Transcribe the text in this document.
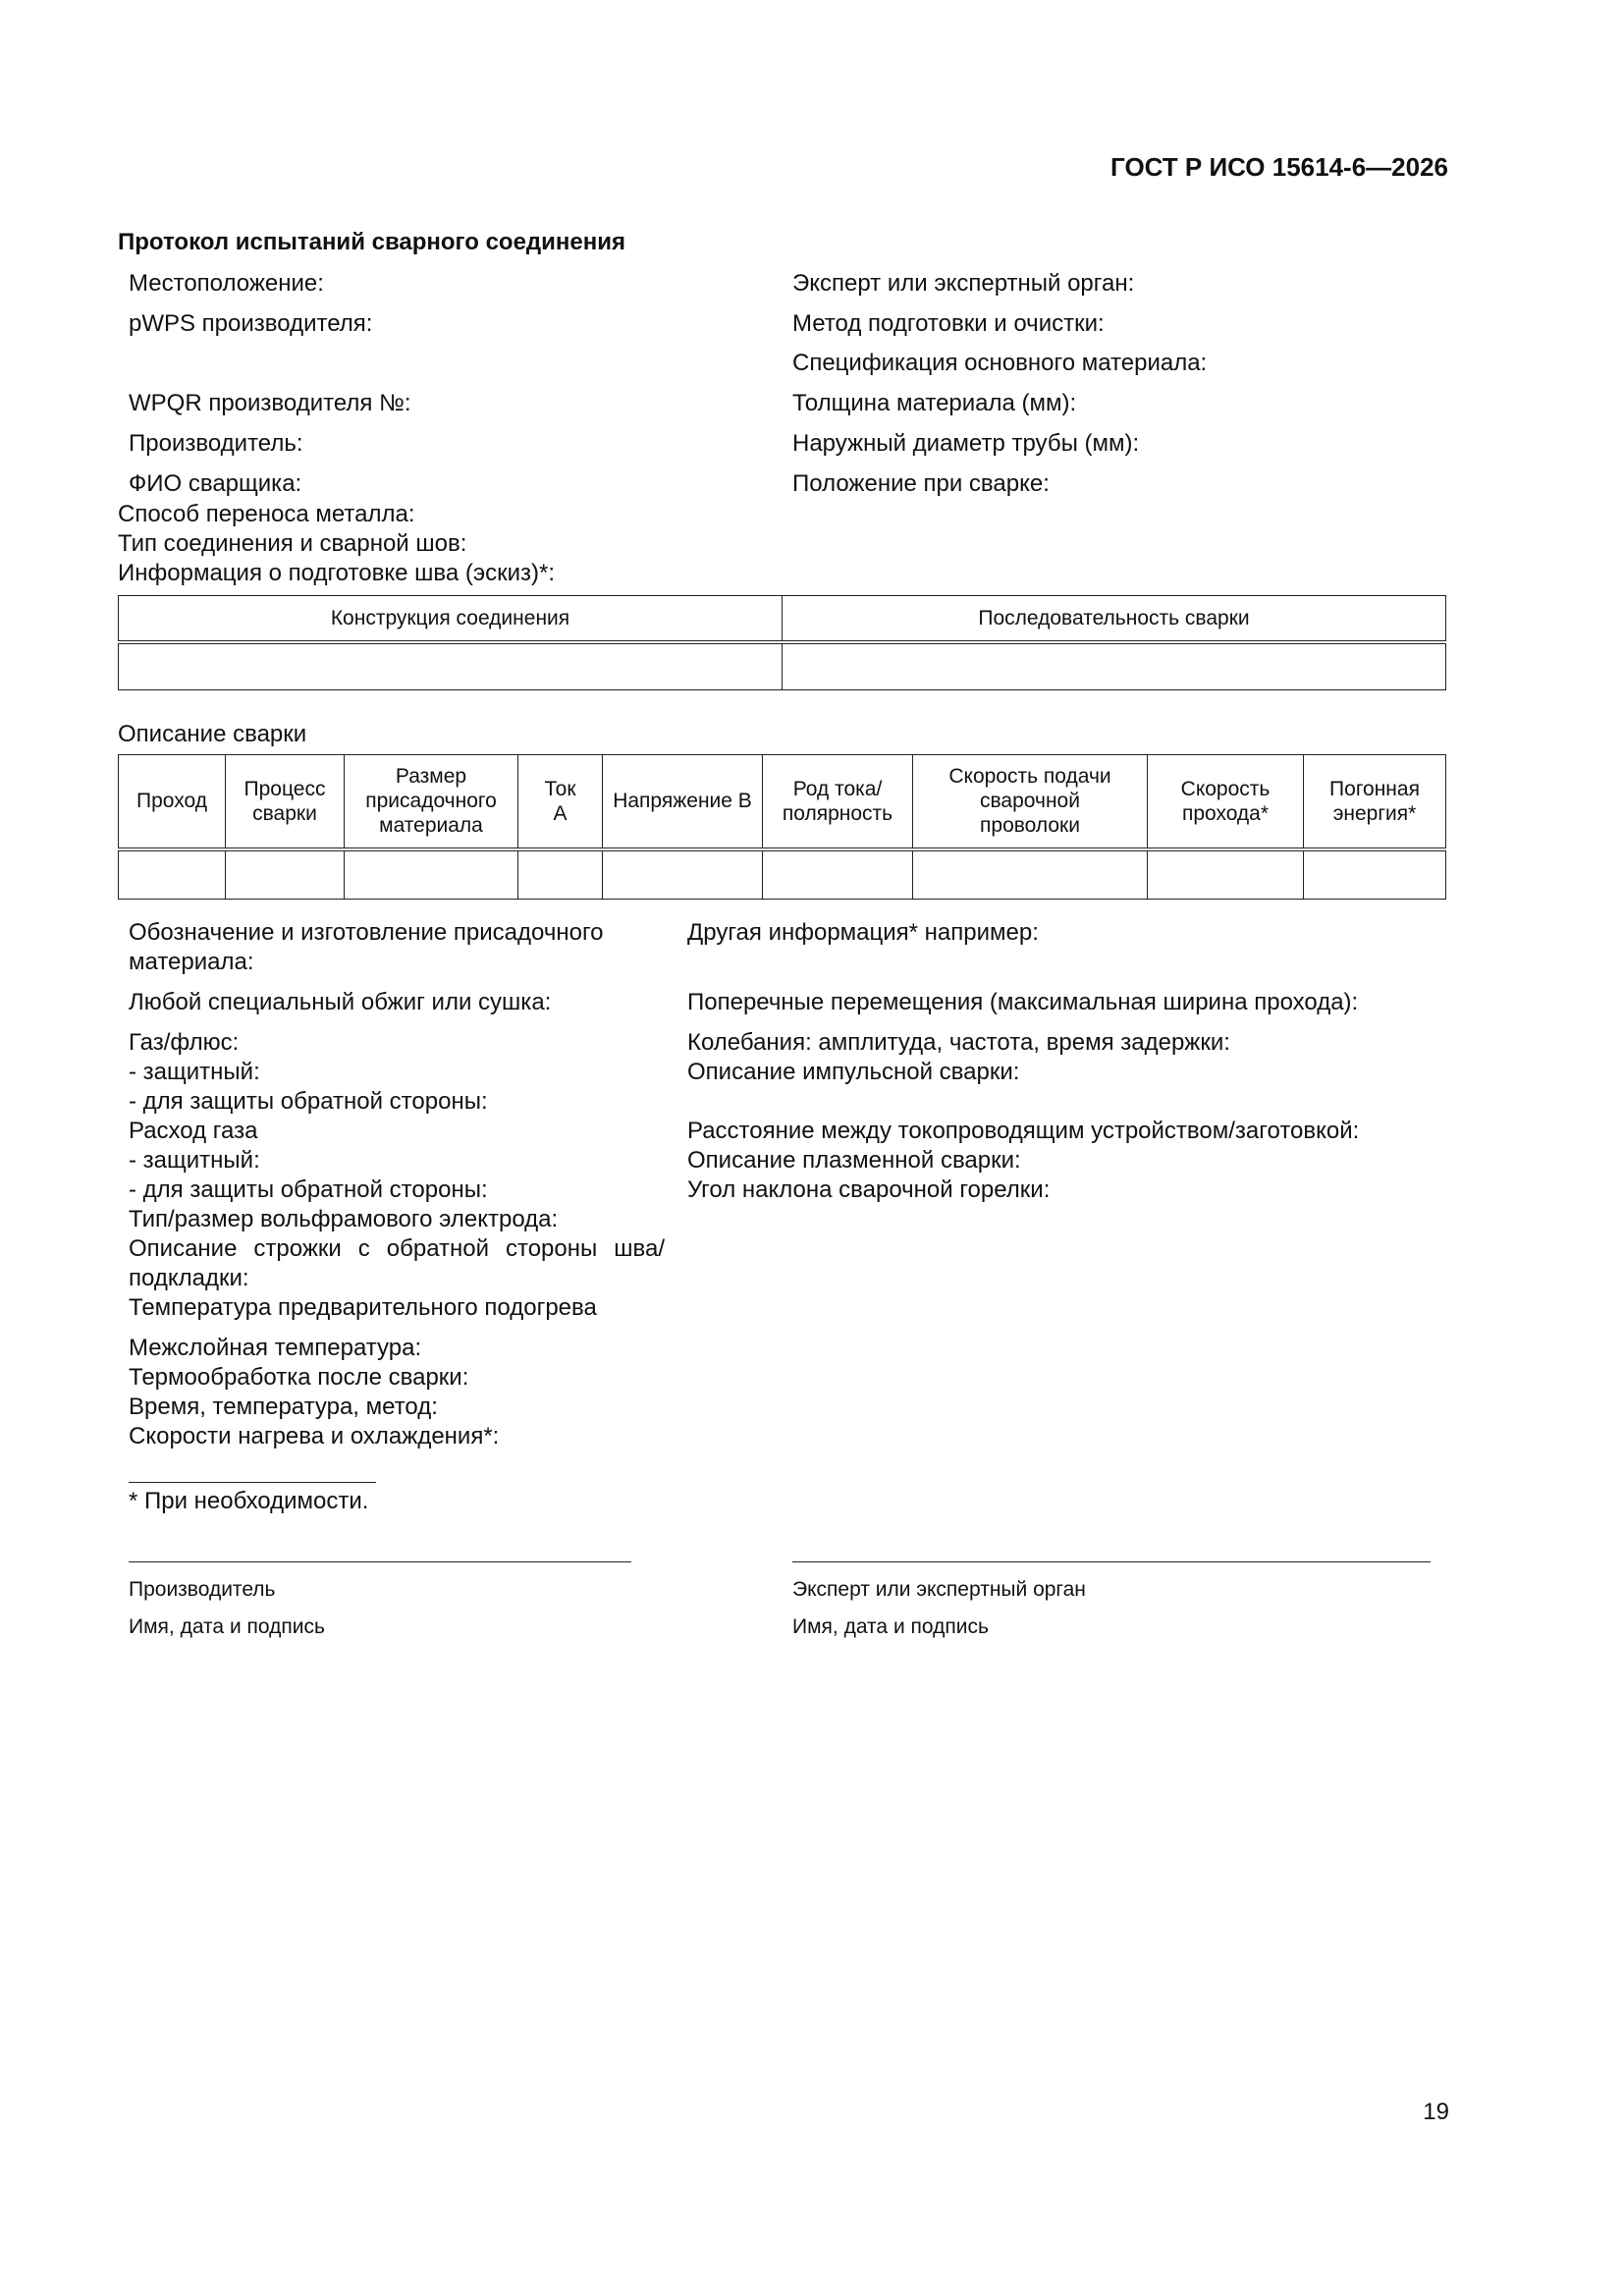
ГОСТ Р ИСО 15614-6—2026
Протокол испытаний сварного соединения
Местоположение:
pWPS производителя:
WPQR производителя №:
Производитель:
ФИО сварщика:
Эксперт или экспертный орган:
Метод подготовки и очистки:
Спецификация основного материала:
Толщина материала (мм):
Наружный диаметр трубы (мм):
Положение при сварке:
Способ переноса металла:
Тип соединения и сварной шов:
Информация о подготовке шва (эскиз)*:
Конструкция соединения	Последовательность сварки

Описание сварки
Проход	Процесс сварки	Размер присадочного материала	Ток А	Напряжение В	Род тока/ полярность	Скорость подачи сварочной проволоки	Скорость прохода*	Погонная энергия*

Обозначение и изготовление присадочного материала:
Любой специальный обжиг или сушка:
Газ/флюс:
- защитный:
- для защиты обратной стороны:
Расход газа
- защитный:
- для защиты обратной стороны:
Тип/размер вольфрамового электрода:
Описание строжки с обратной стороны шва/ подкладки:
Температура предварительного подогрева
Межслойная температура:
Термообработка после сварки:
Время, температура, метод:
Скорости нагрева и охлаждения*:
Другая информация* например:
Поперечные перемещения (максимальная ширина прохода):
Колебания: амплитуда, частота, время задержки:
Описание импульсной сварки:
Расстояние между токопроводящим устройством/заготовкой:
Описание плазменной сварки:
Угол наклона сварочной горелки:
* При необходимости.
Производитель
Имя, дата и подпись
Эксперт или экспертный орган
Имя, дата и подпись
19
